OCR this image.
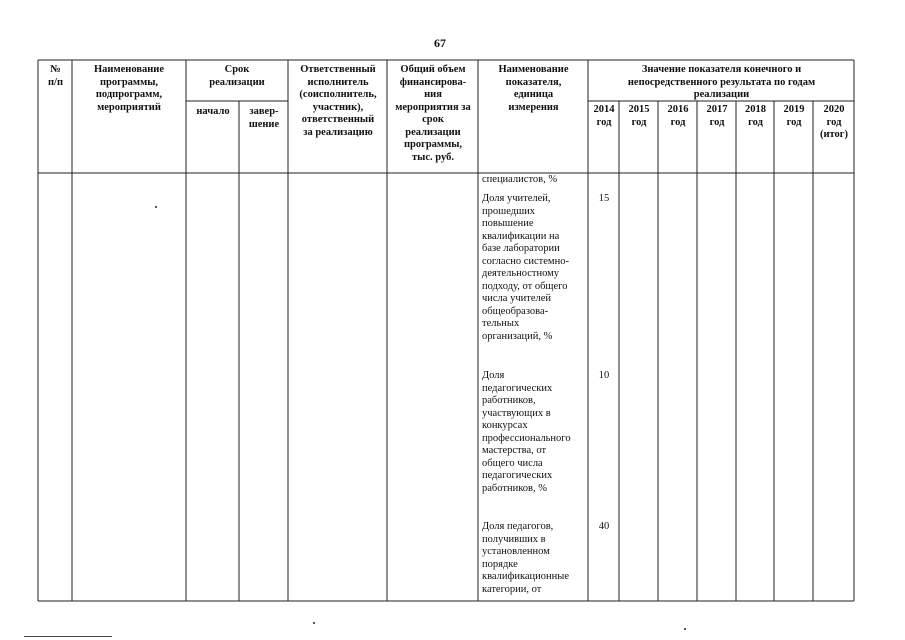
67
№
п/п
Наименование
программы,
подпрограмм,
мероприятий
Срок
реализации
начало	завер-
шение
Ответственный
исполнитель
(соисполнитель,
участник),
ответственный
за реализацию
Общий объем
финансирова-
ния
мероприятия за
срок
реализации
программы,
тыс. руб.
Наименование
показателя,
единица
измерения
Значение показателя конечного и
непосредственного результата по годам
реализации
2014
год
2015
год
2016
год
2017
год
2018
год
2019
год
2020
год
(итог)
специалистов, %
Доля учителей,
прошедших
повышение
квалификации на
базе лаборатории
согласно системно-
деятельностному
подходу, от общего
числа учителей
общеобразова-
тельных
организаций, %
15
Доля
педагогических
работников,
участвующих в
конкурсах
профессионального
мастерства, от
общего числа
педагогических
работников, %
10
Доля педагогов,
получивших в
установленном
порядке
квалификационные
категории, от
40
